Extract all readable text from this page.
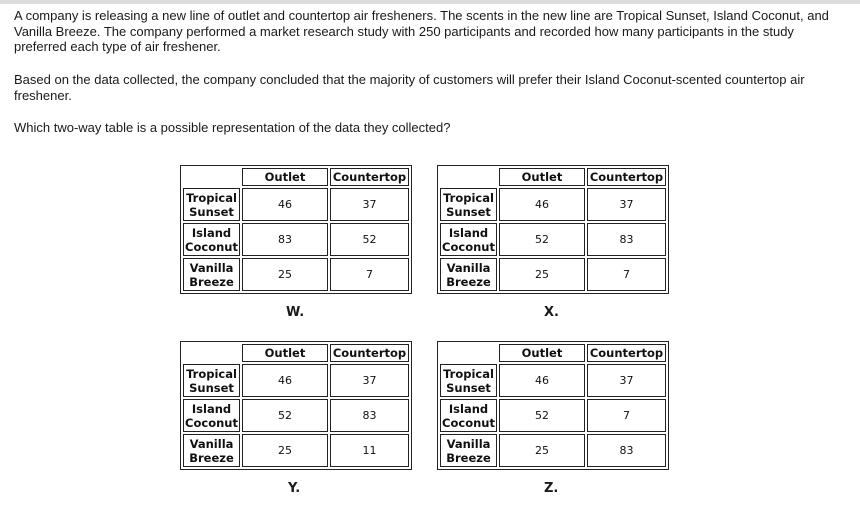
A company is releasing a new line of outlet and countertop air fresheners. The scents in the new line are Tropical Sunset, Island Coconut, and Vanilla Breeze. The company performed a market research study with 250 participants and recorded how many participants in the study preferred each type of air freshener.

Based on the data collected, the company concluded that the majority of customers will prefer their Island Coconut-scented countertop air freshener.

Which two-way table is a possible representation of the data they collected?

	Outlet	Countertop
Tropical
Sunset	46	37
Island
Coconut	83	52
Vanilla
Breeze	25	7
W.
	Outlet	Countertop
Tropical
Sunset	46	37
Island
Coconut	52	83
Vanilla
Breeze	25	7
X.
	Outlet	Countertop
Tropical
Sunset	46	37
Island
Coconut	52	83
Vanilla
Breeze	25	11
Y.
	Outlet	Countertop
Tropical
Sunset	46	37
Island
Coconut	52	7
Vanilla
Breeze	25	83
Z.
